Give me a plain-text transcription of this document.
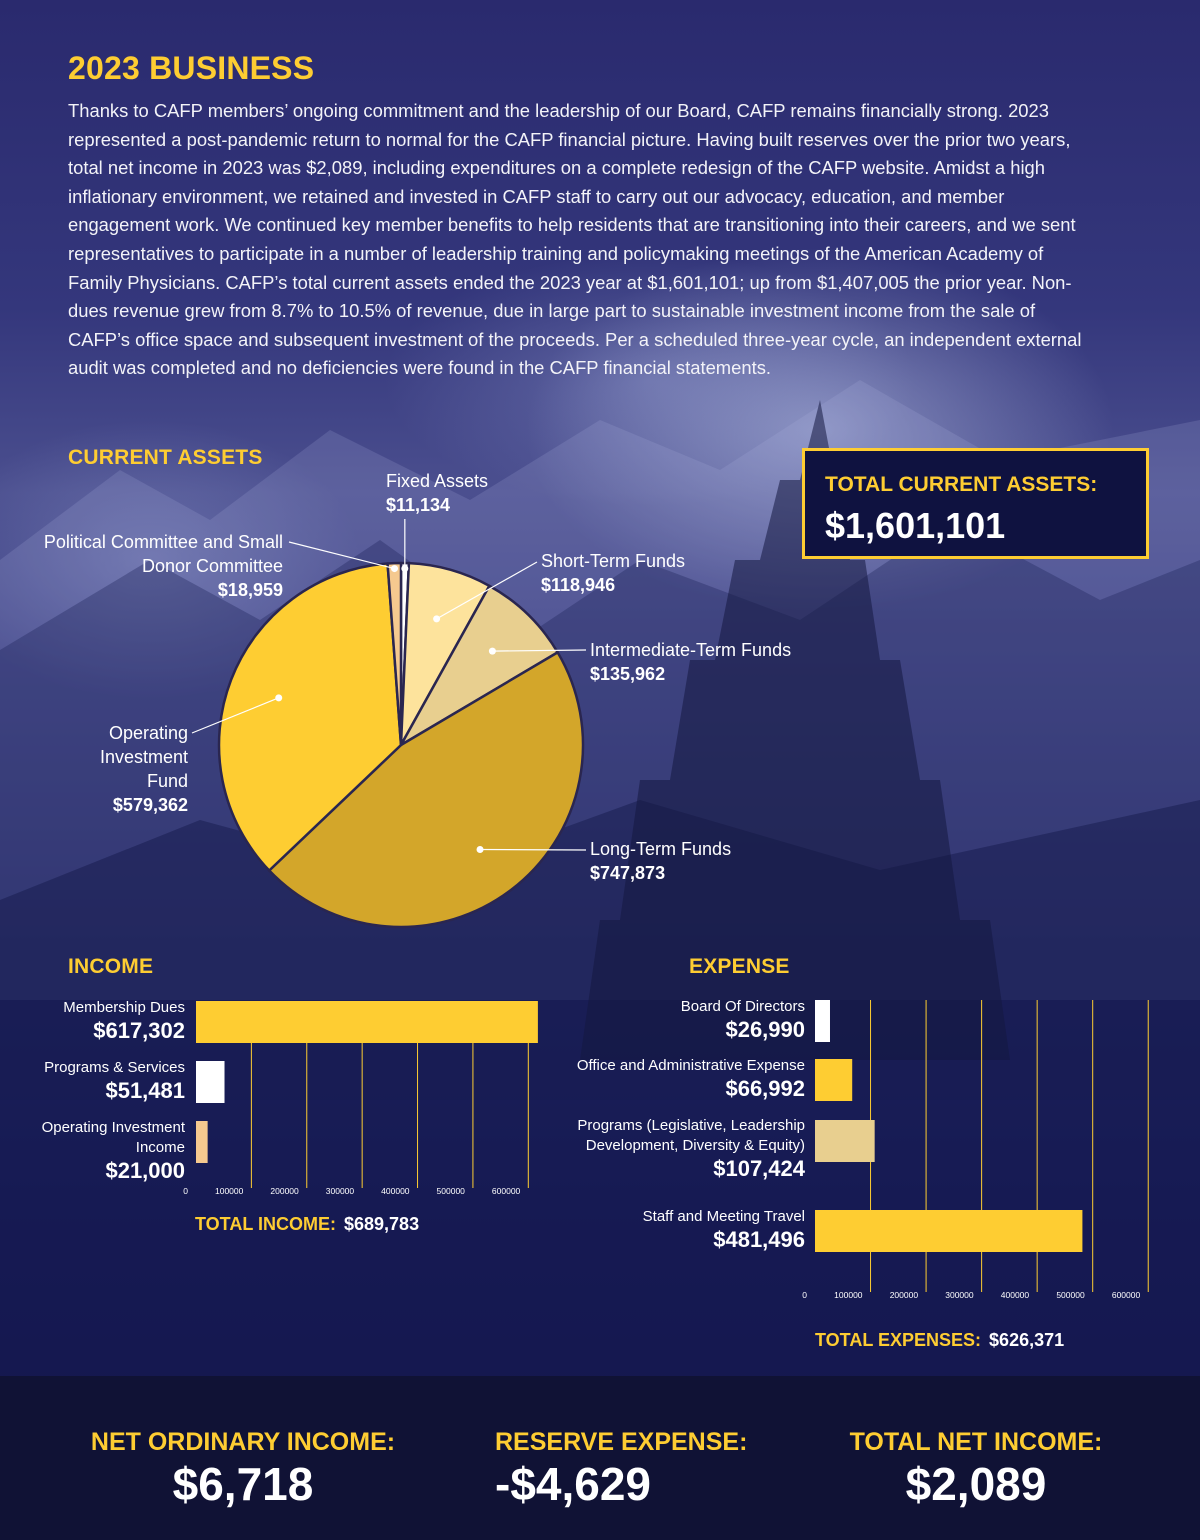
2023 BUSINESS

Thanks to CAFP members’ ongoing commitment and the leadership of our Board, CAFP remains financially strong. 2023 represented a post-pandemic return to normal for the CAFP financial picture. Having built reserves over the prior two years, total net income in 2023 was $2,089, including expenditures on a complete redesign of the CAFP website. Amidst a high inflationary environment, we retained and invested in CAFP staff to carry out our advocacy, education, and member engagement work. We continued key member benefits to help residents that are transitioning into their careers, and we sent representatives to participate in a number of leadership training and policymaking meetings of the American Academy of Family Physicians. CAFP’s total current assets ended the 2023 year at $1,601,101; up from $1,407,005 the prior year. Non-dues revenue grew from 8.7% to 10.5% of revenue, due in large part to sustainable investment income from the sale of CAFP’s office space and subsequent investment of the proceeds. Per a scheduled three-year cycle, an independent external audit was completed and no deficiencies were found in the CAFP financial statements.

CURRENT ASSETS
TOTAL CURRENT ASSETS:
$1,601,101
Fixed Assets
$11,134
Short-Term Funds
$118,946
Intermediate-Term Funds
$135,962
Long-Term Funds
$747,873
Operating Investment Fund
$579,362
Political Committee and Small Donor Committee
$18,959
INCOME
0	100000	200000	300000	400000	500000	600000
Membership Dues
$617,302
Programs & Services
$51,481
Operating Investment Income
$21,000
TOTAL INCOME: $689,783
EXPENSE
0	100000	200000	300000	400000	500000	600000
Board Of Directors
$26,990
Office and Administrative Expense
$66,992
Programs (Legislative, Leadership Development, Diversity & Equity)
$107,424
Staff and Meeting Travel
$481,496
TOTAL EXPENSES: $626,371
NET ORDINARY INCOME:
$6,718
RESERVE EXPENSE:
-$4,629
TOTAL NET INCOME:
$2,089
